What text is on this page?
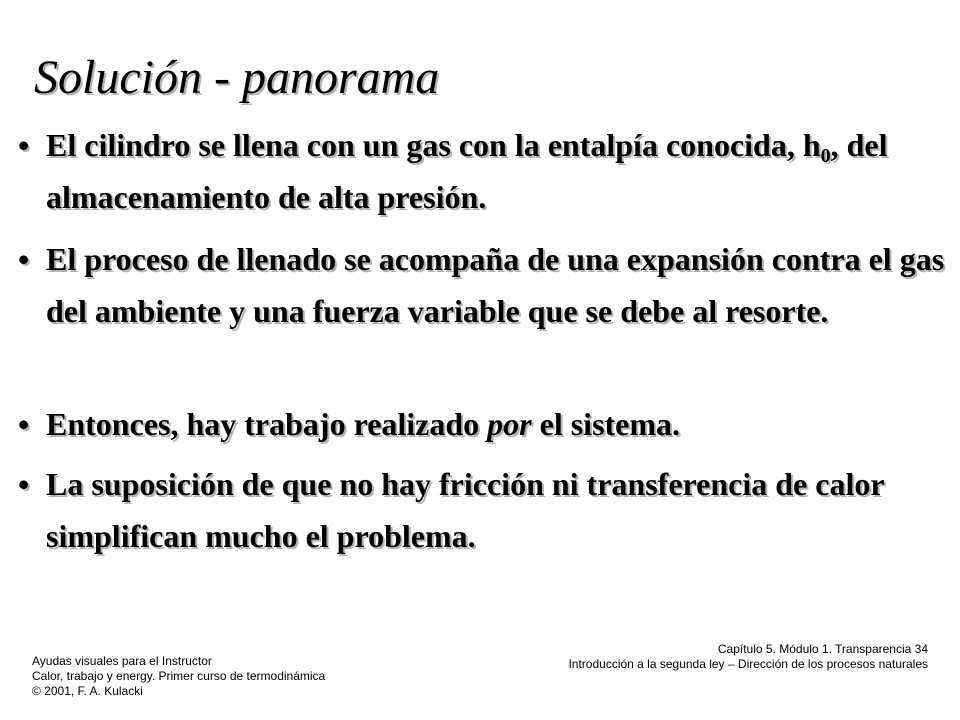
Solución - panorama
• El cilindro se llena con un gas con la entalpía conocida, $h_0$, del almacenamiento de alta presión.
• El proceso de llenado se acompaña de una expansión contra el gas del ambiente y una fuerza variable que se debe al resorte.
• Entonces, hay trabajo realizado por el sistema.
• La suposición de que no hay fricción ni transferencia de calor simplifican mucho el problema.
Ayudas visuales para el Instructor
Calor, trabajo y energy. Primer curso de termodinámica
© 2001, F. A. Kulacki
Capítulo 5. Módulo 1. Transparencia 34
Introducción a la segunda ley – Dirección de los procesos naturales
